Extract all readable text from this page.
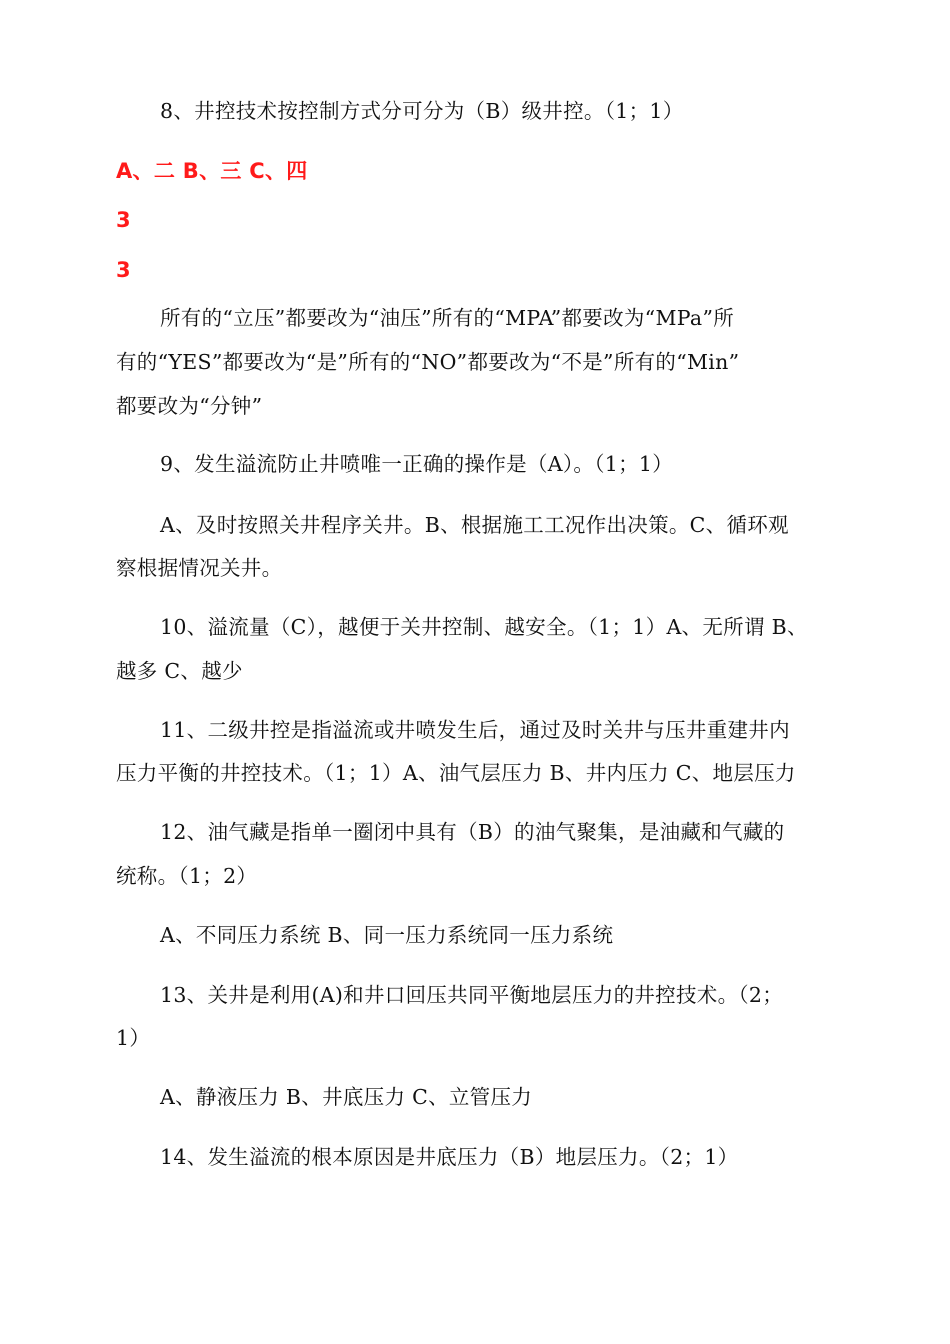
8、井控技术按控制方式分可分为（B）级井控。（1；1）
A、二 B、三 C、四
3
3
所有的“立压”都要改为“油压”所有的“MPA”都要改为“MPa”所
有的“YES”都要改为“是”所有的“NO”都要改为“不是”所有的“Min”
都要改为“分钟”
9、发生溢流防止井喷唯一正确的操作是（A）。（1；1）
A、及时按照关井程序关井。B、根据施工工况作出决策。C、循环观
察根据情况关井。
10、溢流量（C），越便于关井控制、越安全。（1；1）A、无所谓 B、
越多 C、越少
11、二级井控是指溢流或井喷发生后，通过及时关井与压井重建井内
压力平衡的井控技术。（1；1）A、油气层压力 B、井内压力 C、地层压力
12、油气藏是指单一圈闭中具有（B）的油气聚集，是油藏和气藏的
统称。（1；2）
A、不同压力系统 B、同一压力系统同一压力系统
13、关井是利用(A)和井口回压共同平衡地层压力的井控技术。（2；
1）
A、静液压力 B、井底压力 C、立管压力
14、发生溢流的根本原因是井底压力（B）地层压力。（2；1）
